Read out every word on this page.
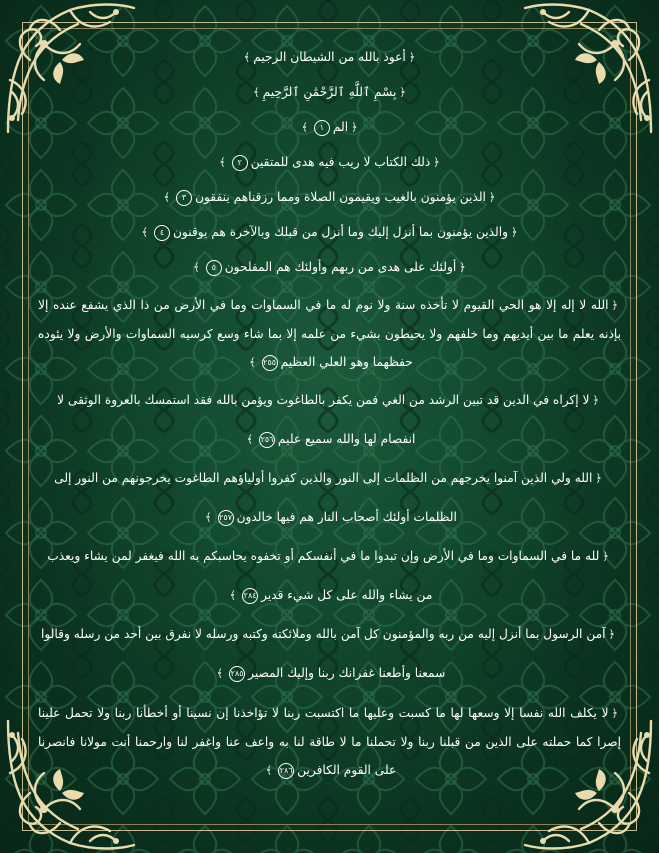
﴿أعوذ بالله من الشيطان الرجيم﴾

﴿بِسْمِ ٱللَّهِ ٱلرَّحْمَٰنِ ٱلرَّحِيمِ﴾

﴿الم١﴾

﴿ذلك الكتاب لا ريب فيه هدى للمتقين٢﴾

﴿الذين يؤمنون بالغيب ويقيمون الصلاة ومما رزقناهم ينفقون٣﴾

﴿والذين يؤمنون بما أنزل إليك وما أنزل من قبلك وبالآخرة هم يوقنون٤﴾

﴿أولئك على هدى من ربهم وأولئك هم المفلحون٥﴾

﴿الله لا إله إلا هو الحي القيوم لا تأخذه سنة ولا نوم له ما في السماوات وما في الأرض من ذا الذي يشفع عنده إلا بإذنه يعلم ما بين أيديهم وما خلفهم ولا يحيطون بشيء من علمه إلا بما شاء وسع كرسيه السماوات والأرض ولا يئوده حفظهما وهو العلي العظيم٢٥٥﴾

﴿لا إكراه في الدين قد تبين الرشد من الغي فمن يكفر بالطاغوت ويؤمن بالله فقد استمسك بالعروة الوثقى لا انفصام لها والله سميع عليم٢٥٦﴾

﴿الله ولي الذين آمنوا يخرجهم من الظلمات إلى النور والذين كفروا أولياؤهم الطاغوت يخرجونهم من النور إلى الظلمات أولئك أصحاب النار هم فيها خالدون٢٥٧﴾

﴿لله ما في السماوات وما في الأرض وإن تبدوا ما في أنفسكم أو تخفوه يحاسبكم به الله فيغفر لمن يشاء ويعذب من يشاء والله على كل شيء قدير٢٨٤﴾

﴿آمن الرسول بما أنزل إليه من ربه والمؤمنون كل آمن بالله وملائكته وكتبه ورسله لا نفرق بين أحد من رسله وقالوا سمعنا وأطعنا غفرانك ربنا وإليك المصير٢٨٥﴾

﴿لا يكلف الله نفسا إلا وسعها لها ما كسبت وعليها ما اكتسبت ربنا لا تؤاخذنا إن نسينا أو أخطأنا ربنا ولا تحمل علينا إصرا كما حملته على الذين من قبلنا ربنا ولا تحملنا ما لا طاقة لنا به واعف عنا واغفر لنا وارحمنا أنت مولانا فانصرنا على القوم الكافرين٢٨٦﴾
